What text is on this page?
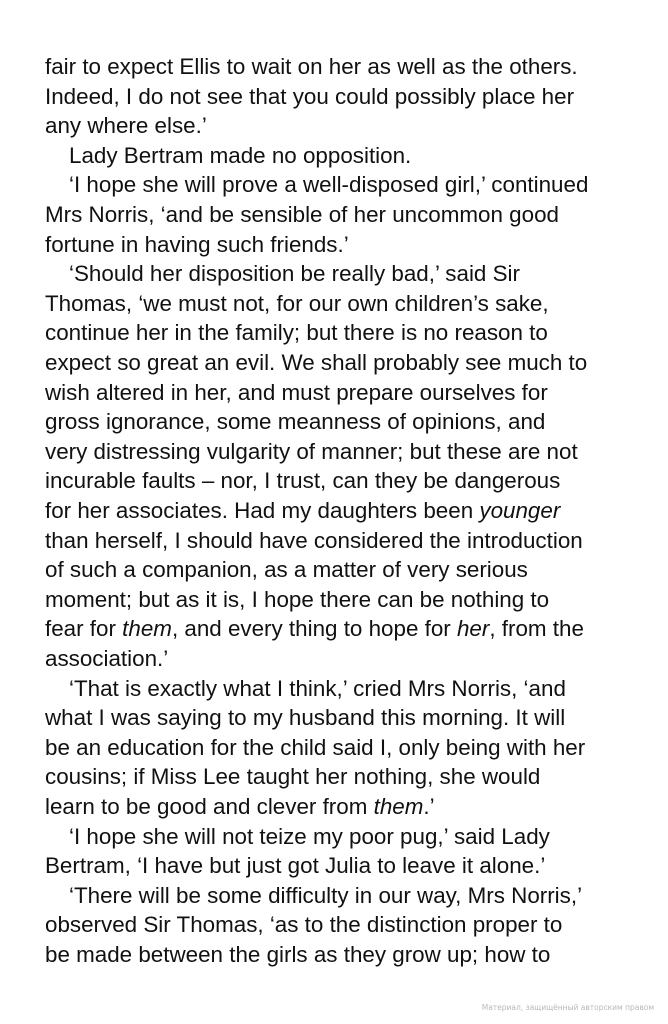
fair to expect Ellis to wait on her as well as the others.
Indeed, I do not see that you could possibly place her
any where else.’
Lady Bertram made no opposition.
‘I hope she will prove a well-disposed girl,’ continued
Mrs Norris, ‘and be sensible of her uncommon good
fortune in having such friends.’
‘Should her disposition be really bad,’ said Sir
Thomas, ‘we must not, for our own children’s sake,
continue her in the family; but there is no reason to
expect so great an evil. We shall probably see much to
wish altered in her, and must prepare ourselves for
gross ignorance, some meanness of opinions, and
very distressing vulgarity of manner; but these are not
incurable faults – nor, I trust, can they be dangerous
for her associates. Had my daughters been younger
than herself, I should have considered the introduction
of such a companion, as a matter of very serious
moment; but as it is, I hope there can be nothing to
fear for them, and every thing to hope for her, from the
association.’
‘That is exactly what I think,’ cried Mrs Norris, ‘and
what I was saying to my husband this morning. It will
be an education for the child said I, only being with her
cousins; if Miss Lee taught her nothing, she would
learn to be good and clever from them.’
‘I hope she will not teize my poor pug,’ said Lady
Bertram, ‘I have but just got Julia to leave it alone.’
‘There will be some difficulty in our way, Mrs Norris,’
observed Sir Thomas, ‘as to the distinction proper to
be made between the girls as they grow up; how to
Материал, защищённый авторским правом
